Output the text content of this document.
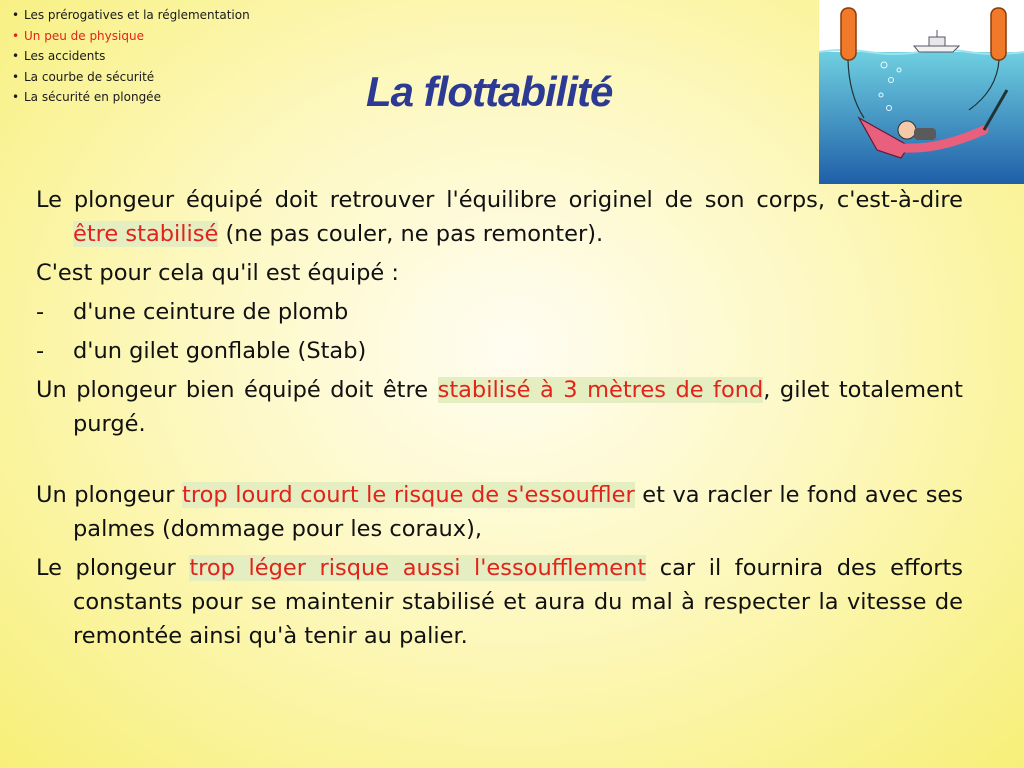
• Les prérogatives et la réglementation
• Un peu de physique
• Les accidents
• La courbe de sécurité
• La sécurité en plongée	La flottabilité

Le plongeur équipé doit retrouver l'équilibre originel de son corps, c'est-à-dire être stabilisé (ne pas couler, ne pas remonter).

C'est pour cela qu'il est équipé :

- d'une ceinture de plomb

- d'un gilet gonflable (Stab)

Un plongeur bien équipé doit être stabilisé à 3 mètres de fond, gilet totalement purgé.

Un plongeur trop lourd court le risque de s'essouffler et va racler le fond avec ses palmes (dommage pour les coraux),

Le plongeur trop léger risque aussi l'essoufflement car il fournira des efforts constants pour se maintenir stabilisé et aura du mal à respecter la vitesse de remontée ainsi qu'à tenir au palier.
